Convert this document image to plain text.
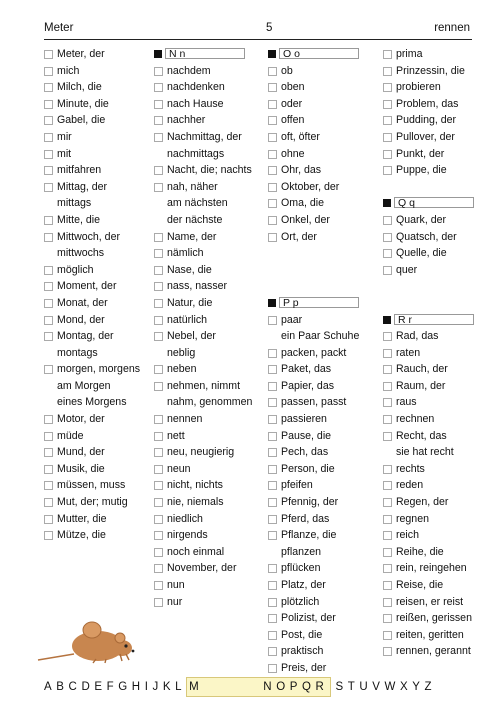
Meter	5	rennen
Meter, der
mich
Milch, die
Minute, die
Gabel, die
mir
mit
mitfahren
Mittag, der
mittags
Mitte, die
Mittwoch, der
mittwochs
möglich
Moment, der
Monat, der
Mond, der
Montag, der
montags
morgen, morgens
am Morgen
eines Morgens
Motor, der
müde
Mund, der
Musik, die
müssen, muss
Mut, der; mutig
Mutter, die
Mütze, die
N n
nachdem
nachdenken
nach Hause
nachher
Nachmittag, der
nachmittags
Nacht, die; nachts
nah, näher
am nächsten
der nächste
Name, der
nämlich
Nase, die
nass, nasser
Natur, die
natürlich
Nebel, der
neblig
neben
nehmen, nimmt
nahm, genommen
nennen
nett
neu, neugierig
neun
nicht, nichts
nie, niemals
niedlich
nirgends
noch einmal
November, der
nun
nur
O o
ob
oben
oder
offen
oft, öfter
ohne
Ohr, das
Oktober, der
Oma, die
Onkel, der
Ort, der
P p
paar
ein Paar Schuhe
packen, packt
Paket, das
Papier, das
passen, passt
passieren
Pause, die
Pech, das
Person, die
pfeifen
Pfennig, der
Pferd, das
Pflanze, die
pflanzen
pflücken
Platz, der
plötzlich
Polizist, der
Post, die
praktisch
Preis, der
prima
Prinzessin, die
probieren
Problem, das
Pudding, der
Pullover, der
Punkt, der
Puppe, die
Q q
Quark, der
Quatsch, der
Quelle, die
quer
R r
Rad, das
raten
Rauch, der
Raum, der
raus
rechnen
Recht, das
sie hat recht
rechts
reden
Regen, der
regnen
reich
Reihe, die
rein, reingehen
Reise, die
reisen, er reist
reißen, gerissen
reiten, geritten
rennen, gerannt
A B C D E F G H I J K L M	N O P Q R S T U V W X Y Z
